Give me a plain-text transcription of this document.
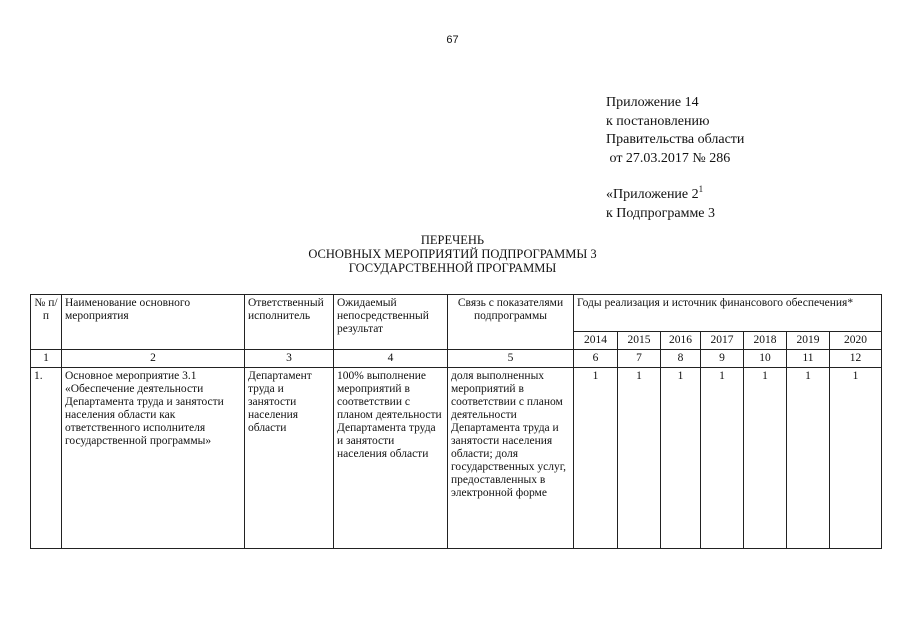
67
Приложение 14
к постановлению
Правительства области
от 27.03.2017 № 286
«Приложение $2^1$
к Подпрограмме 3
ПЕРЕЧЕНЬ
ОСНОВНЫХ МЕРОПРИЯТИЙ ПОДПРОГРАММЫ 3
ГОСУДАРСТВЕННОЙ ПРОГРАММЫ
№ п/п	Наименование основного мероприятия	Ответственный исполнитель	Ожидаемый непосредственный результат	Связь с показателями подпрограммы	Годы реализация и источник финансового обеспечения*						
					2014	2015	2016	2017	2018	2019	2020
1	2	3	4	5	6	7	8	9	10	11	12
1.	Основное мероприятие 3.1 «Обеспечение деятельности Департамента труда и занятости населения области как ответственного исполнителя государственной программы»	Департамент труда и занятости населения области	100% выполнение мероприятий в соответствии с планом деятельности Департамента труда и занятости населения области	доля выполненных мероприятий в соответствии с планом деятельности Департамента труда и занятости населения области; доля государственных услуг, предоставленных в электронной форме	1	1	1	1	1	1	1
